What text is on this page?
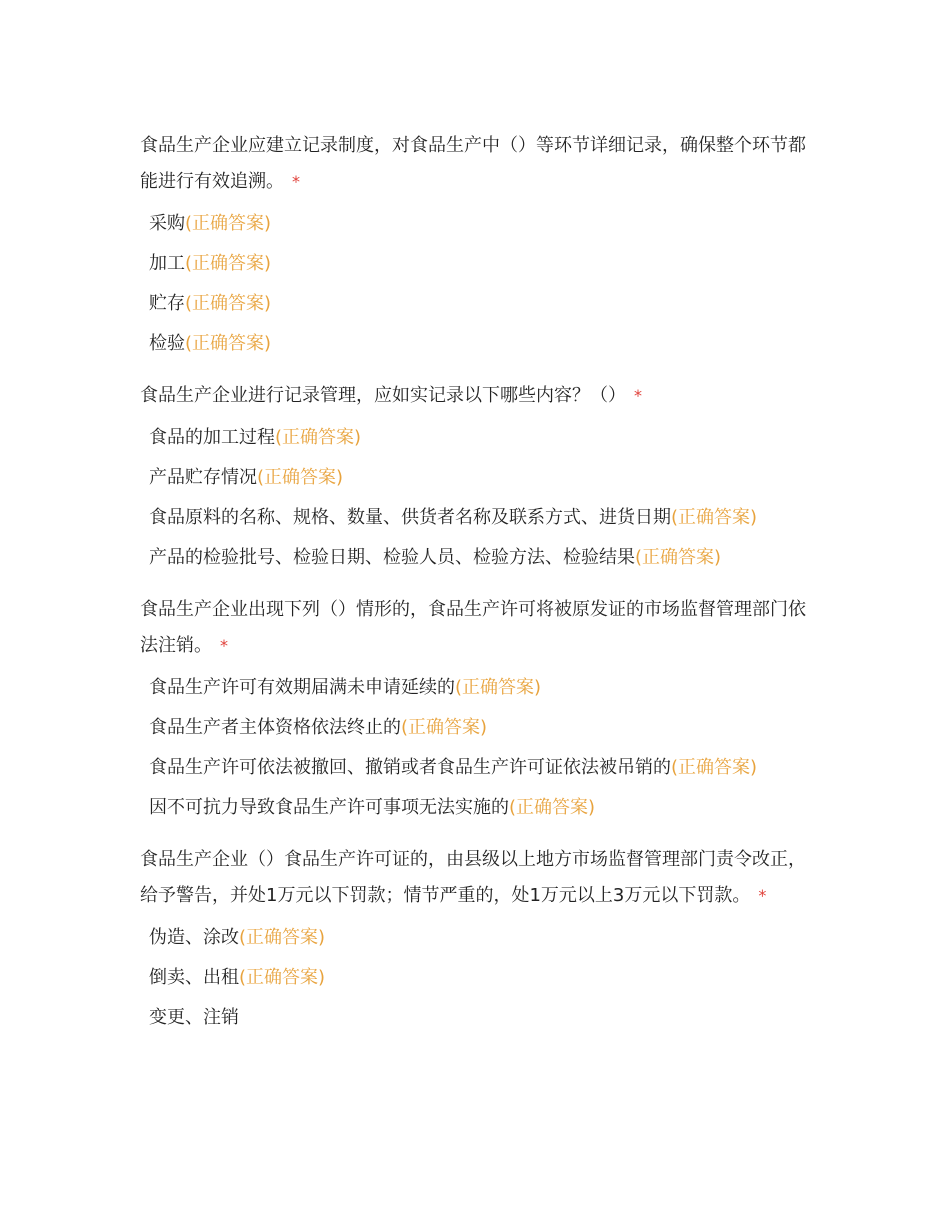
食品生产企业应建立记录制度，对食品生产中（）等环节详细记录，确保整个环节都能进行有效追溯。 *
采购 (正确答案)
加工 (正确答案)
贮存 (正确答案)
检验 (正确答案)
食品生产企业进行记录管理，应如实记录以下哪些内容？（） *
食品的加工过程 (正确答案)
产品贮存情况 (正确答案)
食品原料的名称、规格、数量、供货者名称及联系方式、进货日期 (正确答案)
产品的检验批号、检验日期、检验人员、检验方法、检验结果 (正确答案)
食品生产企业出现下列（）情形的，食品生产许可将被原发证的市场监督管理部门依法注销。 *
食品生产许可有效期届满未申请延续的 (正确答案)
食品生产者主体资格依法终止的 (正确答案)
食品生产许可依法被撤回、撤销或者食品生产许可证依法被吊销的 (正确答案)
因不可抗力导致食品生产许可事项无法实施的 (正确答案)
食品生产企业（）食品生产许可证的，由县级以上地方市场监督管理部门责令改正，给予警告，并处1万元以下罚款；情节严重的，处1万元以上3万元以下罚款。 *
伪造、涂改 (正确答案)
倒卖、出租 (正确答案)
变更、注销
